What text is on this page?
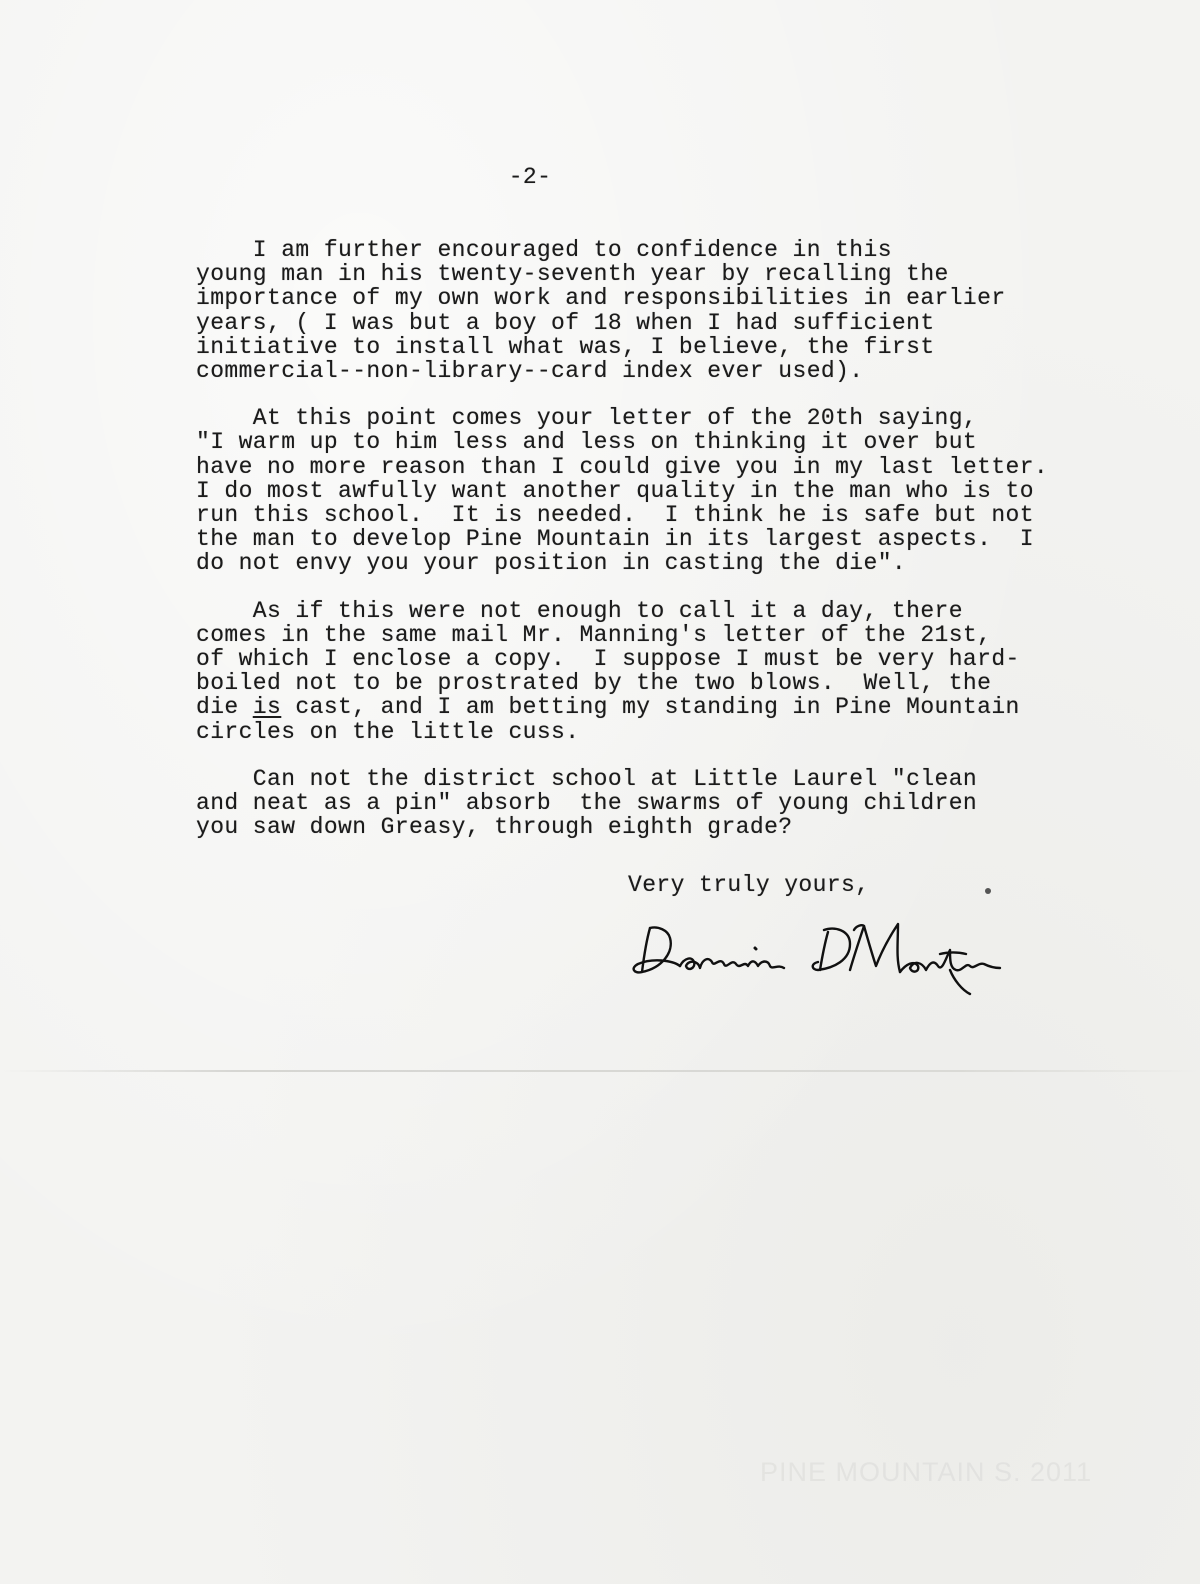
-2-
I am further encouraged to confidence in this
young man in his twenty-seventh year by recalling the
importance of my own work and responsibilities in earlier
years, ( I was but a boy of 18 when I had sufficient
initiative to install what was, I believe, the first
commercial--non-library--card index ever used).
At this point comes your letter of the 20th saying,
"I warm up to him less and less on thinking it over but
have no more reason than I could give you in my last letter.
I do most awfully want another quality in the man who is to
run this school.  It is needed.  I think he is safe but not
the man to develop Pine Mountain in its largest aspects.  I
do not envy you your position in casting the die".
As if this were not enough to call it a day, there
comes in the same mail Mr. Manning's letter of the 21st,
of which I enclose a copy.  I suppose I must be very hard-
boiled not to be prostrated by the two blows.  Well, the
die is cast, and I am betting my standing in Pine Mountain
circles on the little cuss.
Can not the district school at Little Laurel "clean
and neat as a pin" absorb  the swarms of young children
you saw down Greasy, through eighth grade?
Very truly yours,
PINE MOUNTAIN S. 2011
